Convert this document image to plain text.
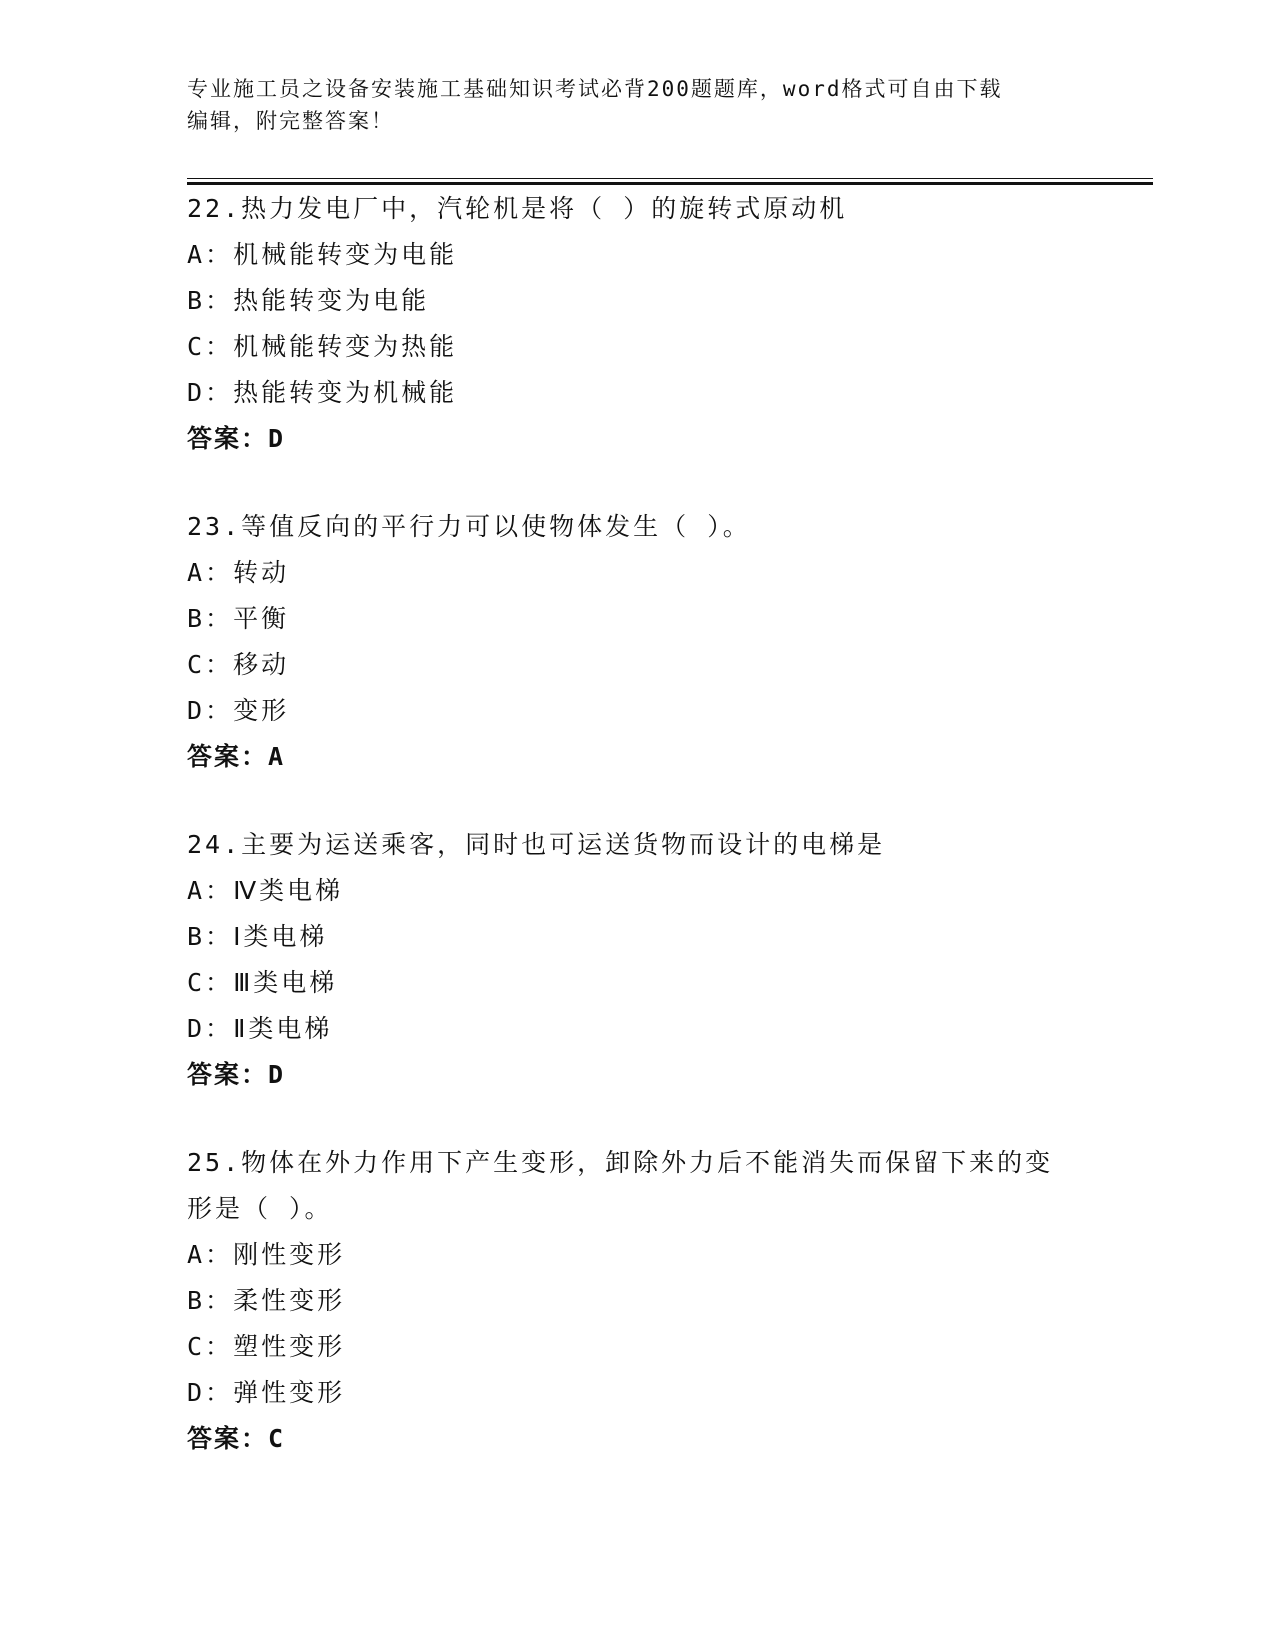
专业施工员之设备安装施工基础知识考试必背200题题库，word格式可自由下载
编辑，附完整答案！
22.热力发电厂中，汽轮机是将（ ）的旋转式原动机
A：机械能转变为电能
B：热能转变为电能
C：机械能转变为热能
D：热能转变为机械能
答案：D
23.等值反向的平行力可以使物体发生（ ）。
A：转动
B：平衡
C：移动
D：变形
答案：A
24.主要为运送乘客，同时也可运送货物而设计的电梯是
A：Ⅳ类电梯
B：Ⅰ类电梯
C：Ⅲ类电梯
D：Ⅱ类电梯
答案：D
25.物体在外力作用下产生变形，卸除外力后不能消失而保留下来的变
形是（ ）。
A：刚性变形
B：柔性变形
C：塑性变形
D：弹性变形
答案：C
